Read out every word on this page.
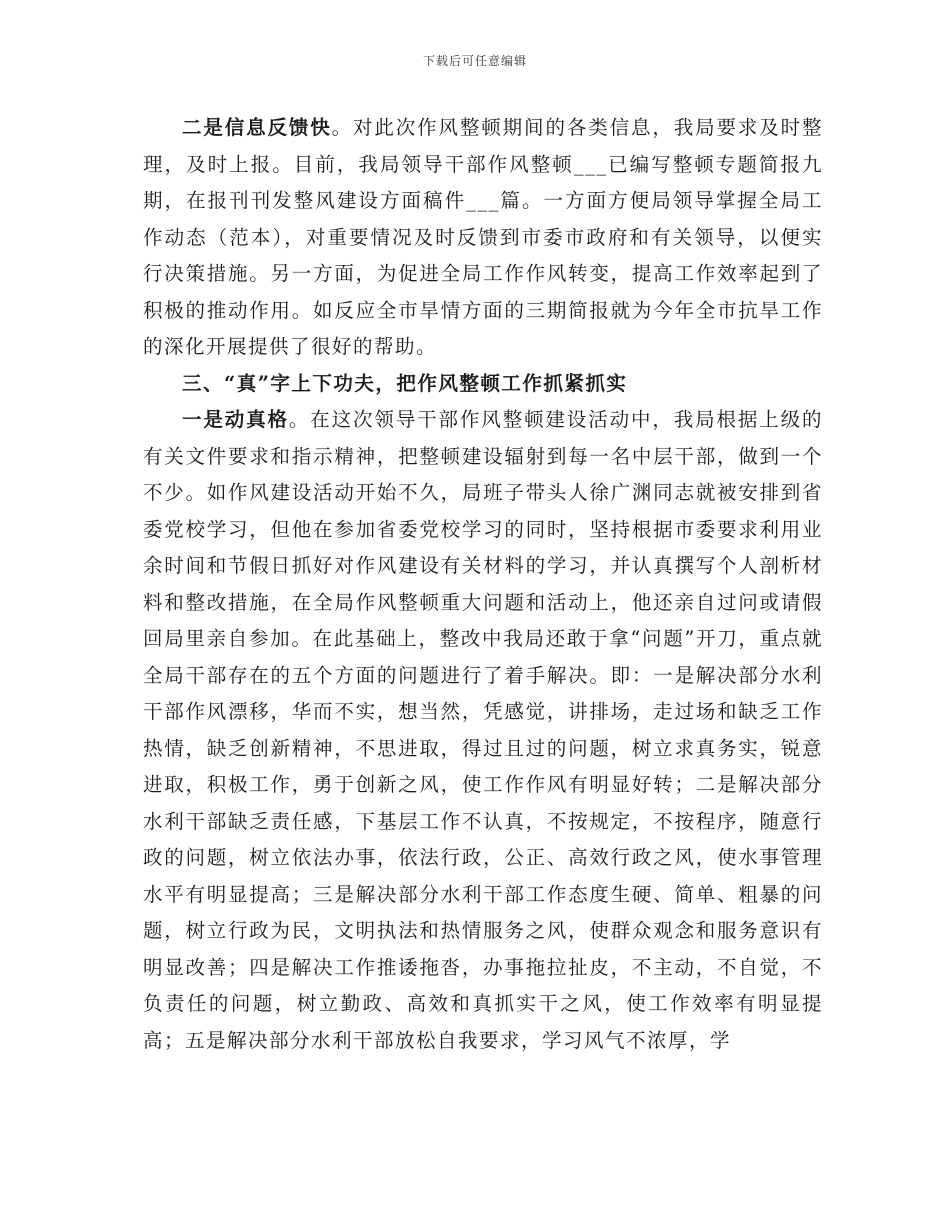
下载后可任意编辑

二是信息反馈快。对此次作风整顿期间的各类信息，我局要求及时整理，及时上报。目前，我局领导干部作风整顿___已编写整顿专题简报九期，在报刊刊发整风建设方面稿件___篇。一方面方便局领导掌握全局工作动态（范本），对重要情况及时反馈到市委市政府和有关领导，以便实行决策措施。另一方面，为促进全局工作作风转变，提高工作效率起到了积极的推动作用。如反应全市旱情方面的三期简报就为今年全市抗旱工作的深化开展提供了很好的帮助。

三、“真”字上下功夫，把作风整顿工作抓紧抓实

一是动真格。在这次领导干部作风整顿建设活动中，我局根据上级的有关文件要求和指示精神，把整顿建设辐射到每一名中层干部，做到一个不少。如作风建设活动开始不久，局班子带头人徐广渊同志就被安排到省委党校学习，但他在参加省委党校学习的同时，坚持根据市委要求利用业余时间和节假日抓好对作风建设有关材料的学习，并认真撰写个人剖析材料和整改措施，在全局作风整顿重大问题和活动上，他还亲自过问或请假回局里亲自参加。在此基础上，整改中我局还敢于拿“问题”开刀，重点就全局干部存在的五个方面的问题进行了着手解决。即：一是解决部分水利干部作风漂移，华而不实，想当然，凭感觉，讲排场，走过场和缺乏工作热情，缺乏创新精神，不思进取，得过且过的问题，树立求真务实，锐意进取，积极工作，勇于创新之风，使工作作风有明显好转；二是解决部分水利干部缺乏责任感，下基层工作不认真，不按规定，不按程序，随意行政的问题，树立依法办事，依法行政，公正、高效行政之风，使水事管理水平有明显提高；三是解决部分水利干部工作态度生硬、简单、粗暴的问题，树立行政为民，文明执法和热情服务之风，使群众观念和服务意识有明显改善；四是解决工作推诿拖沓，办事拖拉扯皮，不主动，不自觉，不负责任的问题，树立勤政、高效和真抓实干之风，使工作效率有明显提高；五是解决部分水利干部放松自我要求，学习风气不浓厚，学
